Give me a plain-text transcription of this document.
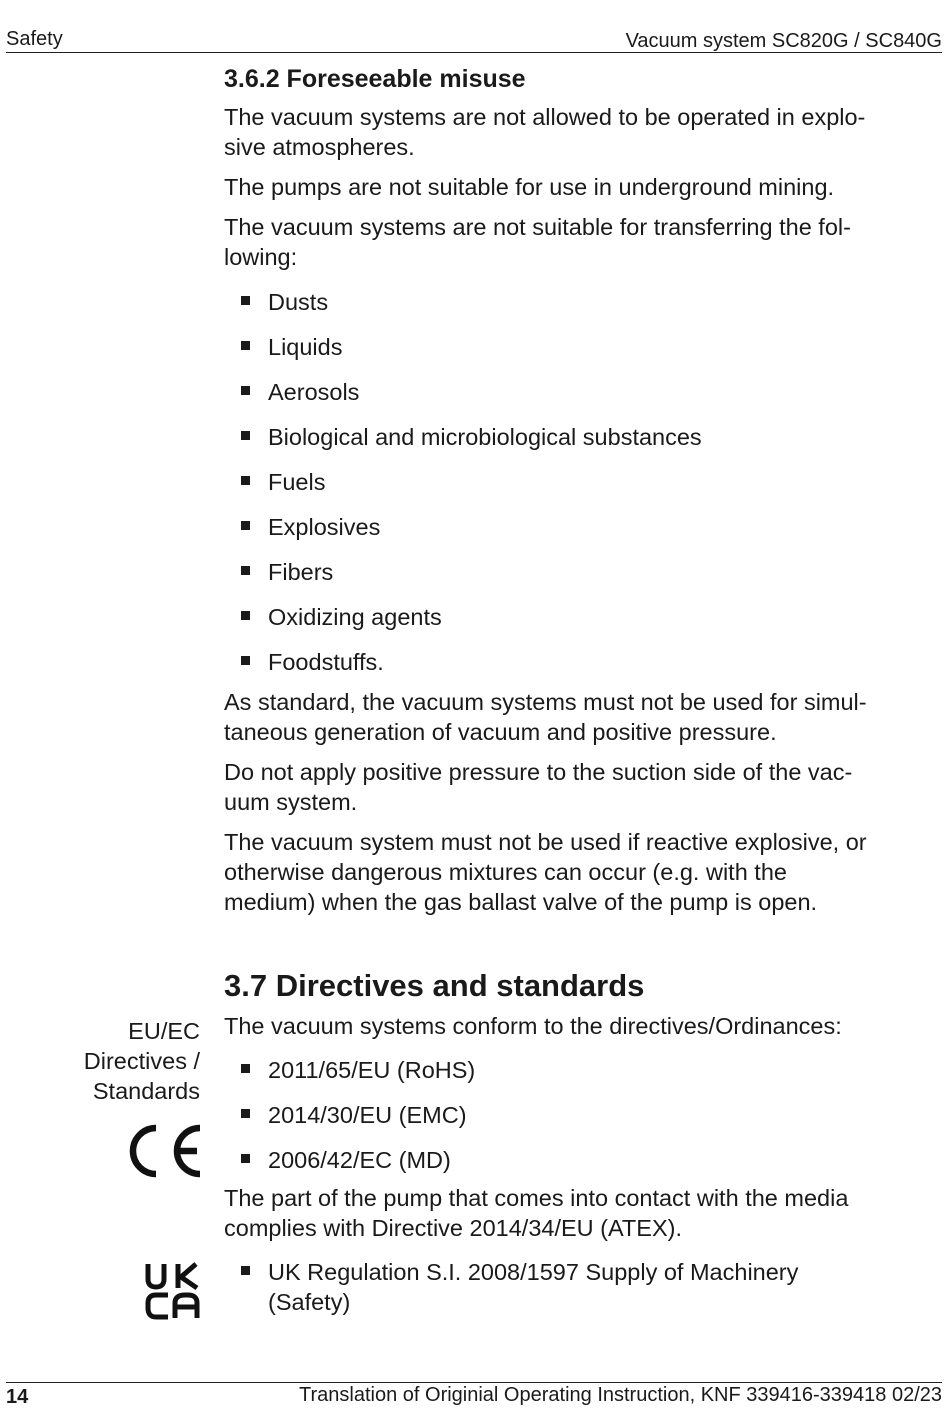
Safety	Vacuum system SC820G / SC840G
3.6.2 Foreseeable misuse

The vacuum systems are not allowed to be operated in explo-
sive atmospheres.

The pumps are not suitable for use in underground mining.

The vacuum systems are not suitable for transferring the fol-
lowing:

Dusts
Liquids
Aerosols
Biological and microbiological substances
Fuels
Explosives
Fibers
Oxidizing agents
Foodstuffs.

As standard, the vacuum systems must not be used for simul-
taneous generation of vacuum and positive pressure.

Do not apply positive pressure to the suction side of the vac-
uum system.

The vacuum system must not be used if reactive explosive, or
otherwise dangerous mixtures can occur (e.g. with the
medium) when the gas ballast valve of the pump is open.

EU/EC
Directives /
Standards
3.7 Directives and standards

The vacuum systems conform to the directives/Ordinances:

2011/65/EU (RoHS)
2014/30/EU (EMC)
2006/42/EC (MD)

The part of the pump that comes into contact with the media
complies with Directive 2014/34/EU (ATEX).

UK Regulation S.I. 2008/1597 Supply of Machinery
(Safety)
14	Translation of Originial Operating Instruction, KNF 339416-339418 02/23
